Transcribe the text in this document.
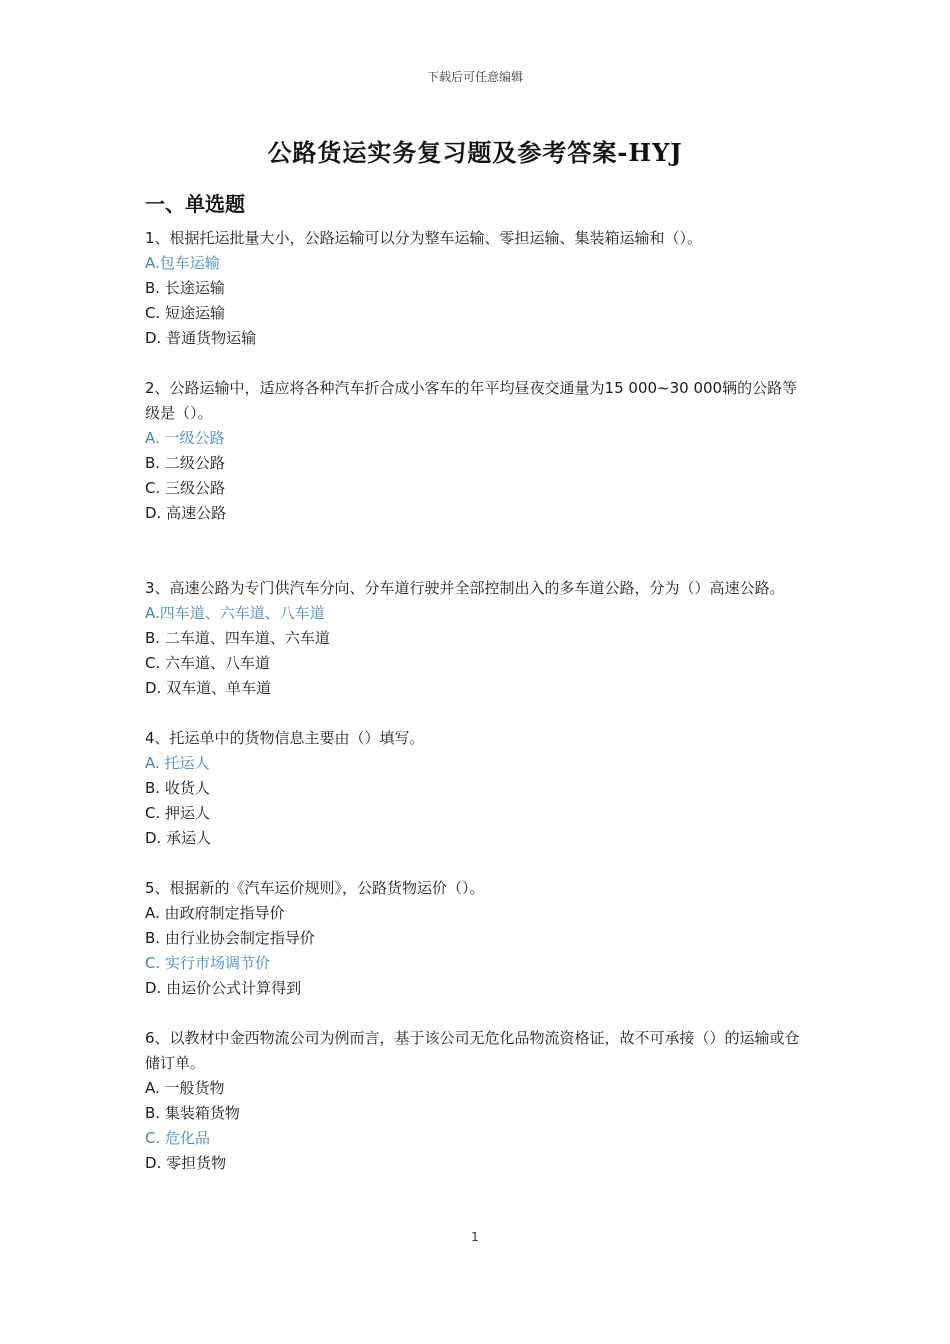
下载后可任意编辑
公路货运实务复习题及参考答案-HYJ
一、单选题
1、根据托运批量大小，公路运输可以分为整车运输、零担运输、集装箱运输和（）。
A.包车运输
B. 长途运输
C. 短途运输
D. 普通货物运输
2、公路运输中，适应将各种汽车折合成小客车的年平均昼夜交通量为15 000~30 000辆的公路等级是（）。
A. 一级公路
B. 二级公路
C. 三级公路
D. 高速公路
3、高速公路为专门供汽车分向、分车道行驶并全部控制出入的多车道公路，分为（）高速公路。
A.四车道、六车道、八车道
B. 二车道、四车道、六车道
C. 六车道、八车道
D. 双车道、单车道
4、托运单中的货物信息主要由（）填写。
A. 托运人
B. 收货人
C. 押运人
D. 承运人
5、根据新的《汽车运价规则》，公路货物运价（）。
A. 由政府制定指导价
B. 由行业协会制定指导价
C. 实行市场调节价
D. 由运价公式计算得到
6、以教材中金西物流公司为例而言，基于该公司无危化品物流资格证，故不可承接（）的运输或仓储订单。
A. 一般货物
B. 集装箱货物
C. 危化品
D. 零担货物
1
